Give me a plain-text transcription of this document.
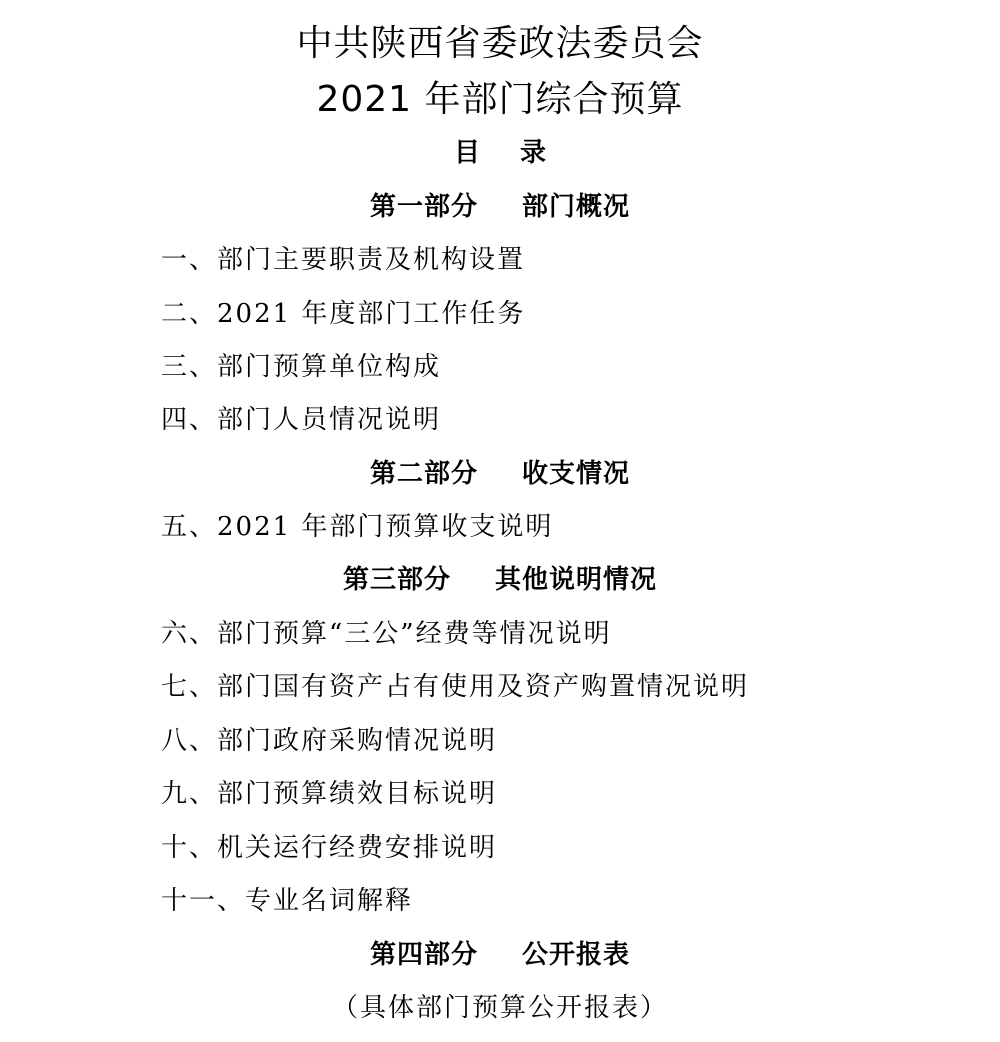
中共陕西省委政法委员会
2021 年部门综合预算
目 录
第一部分 部门概况
一、部门主要职责及机构设置
二、2021 年度部门工作任务
三、部门预算单位构成
四、部门人员情况说明
第二部分 收支情况
五、2021 年部门预算收支说明
第三部分 其他说明情况
六、部门预算“三公”经费等情况说明
七、部门国有资产占有使用及资产购置情况说明
八、部门政府采购情况说明
九、部门预算绩效目标说明
十、机关运行经费安排说明
十一、专业名词解释
第四部分 公开报表
（具体部门预算公开报表）
